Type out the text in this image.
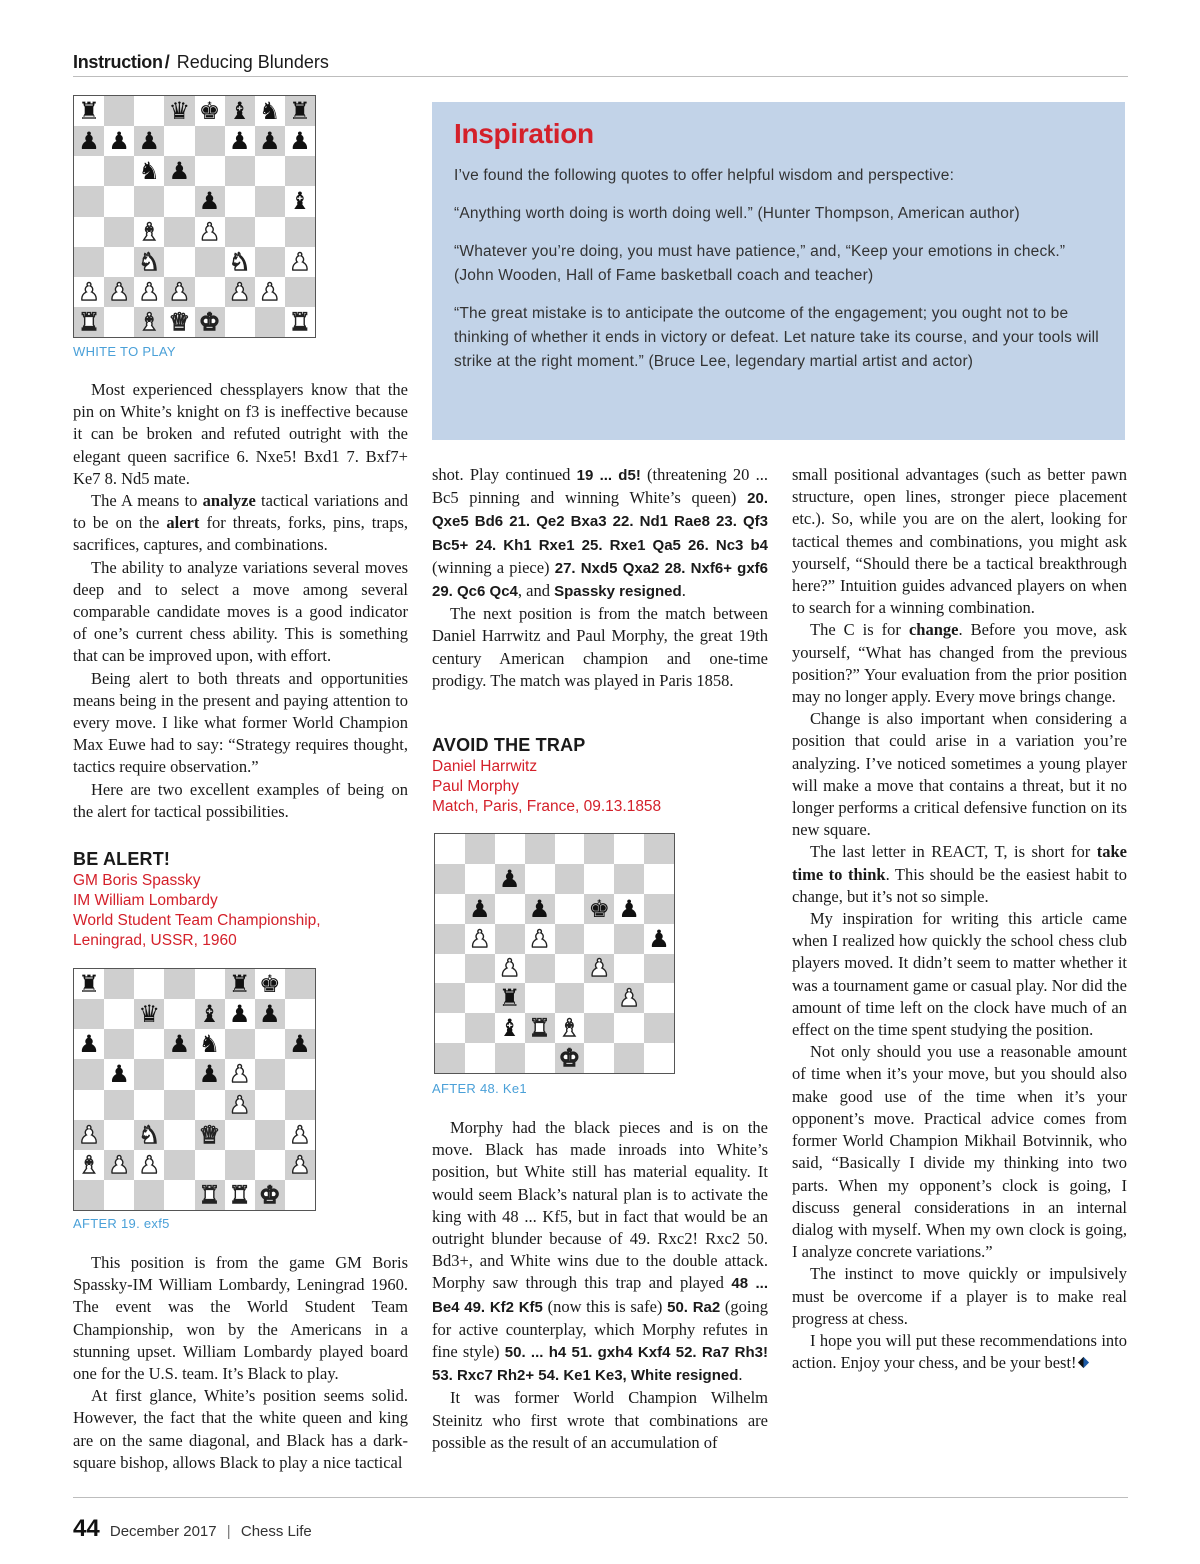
Instruction / Reducing Blunders
♜	♛ ♚ ♝ ♞ ♜
♟ ♟ ♟	♟ ♟ ♟
♞ ♟
♟	♝
♝ ♟
♞	♞ ♟
♟ ♟ ♟ ♟ ♟ ♟
♜ ♝ ♛ ♚	♜
WHITE TO PLAY

Most experienced chessplayers know that the pin on White’s knight on f3 is ineffective because it can be broken and refuted outright with the elegant queen sacrifice 6. Nxe5! Bxd1 7. Bxf7+ Ke7 8. Nd5 mate.

The A means to analyze tactical variations and to be on the alert for threats, forks, pins, traps, sacrifices, captures, and combinations.

The ability to analyze variations several moves deep and to select a move among several comparable candidate moves is a good indicator of one’s current chess ability. This is something that can be improved upon, with effort.

Being alert to both threats and opportunities means being in the present and paying attention to every move. I like what former World Champion Max Euwe had to say: “Strategy requires thought, tactics require observation.”

Here are two excellent examples of being on the alert for tactical possibilities.

BE ALERT!
GM Boris Spassky
IM William Lombardy
World Student Team Championship,
Leningrad, USSR, 1960
♜	♜ ♚
♛ ♝ ♟ ♟
♟	♟ ♞	♟
♟	♟ ♟
♟
♟ ♞ ♛	♟
♝ ♟ ♟	♟
♜ ♜ ♚
AFTER 19. exf5

This position is from the game GM Boris Spassky-IM William Lombardy, Leningrad 1960. The event was the World Student Team Championship, won by the Americans in a stunning upset. William Lombardy played board one for the U.S. team. It’s Black to play.

At first glance, White’s position seems solid. However, the fact that the white queen and king are on the same diagonal, and Black has a dark-square bishop, allows Black to play a nice tactical

Inspiration

I’ve found the following quotes to offer helpful wisdom and perspective:

“Anything worth doing is worth doing well.” (Hunter Thompson, American author)

“Whatever you’re doing, you must have patience,” and, “Keep your emotions in check.” (John Wooden, Hall of Fame basketball coach and teacher)

“The great mistake is to anticipate the outcome of the engagement; you ought not to be thinking of whether it ends in victory or defeat. Let nature take its course, and your tools will strike at the right moment.” (Bruce Lee, legendary martial artist and actor)

shot. Play continued 19 ... d5! (threatening 20 ... Bc5 pinning and winning White’s queen) 20. Qxe5 Bd6 21. Qe2 Bxa3 22. Nd1 Rae8 23. Qf3 Bc5+ 24. Kh1 Rxe1 25. Rxe1 Qa5 26. Nc3 b4 (winning a piece) 27. Nxd5 Qxa2 28. Nxf6+ gxf6 29. Qc6 Qc4, and Spassky resigned.

The next position is from the match between Daniel Harrwitz and Paul Morphy, the great 19th century American champion and one-time prodigy. The match was played in Paris 1858.

AVOID THE TRAP
Daniel Harrwitz
Paul Morphy
Match, Paris, France, 09.13.1858
♟
♟ ♟ ♚ ♟
♟ ♟	♟
♟	♟
♜	♟
♝ ♜ ♝
♚
AFTER 48. Ke1

Morphy had the black pieces and is on the move. Black has made inroads into White’s position, but White still has material equality. It would seem Black’s natural plan is to activate the king with 48 ... Kf5, but in fact that would be an outright blunder because of 49. Rxc2! Rxc2 50. Bd3+, and White wins due to the double attack. Morphy saw through this trap and played 48 ... Be4 49. Kf2 Kf5 (now this is safe) 50. Ra2 (going for active counterplay, which Morphy refutes in fine style) 50. ... h4 51. gxh4 Kxf4 52. Ra7 Rh3! 53. Rxc7 Rh2+ 54. Ke1 Ke3, White resigned.

It was former World Champion Wilhelm Steinitz who first wrote that combinations are possible as the result of an accumulation of

small positional advantages (such as better pawn structure, open lines, stronger piece placement etc.). So, while you are on the alert, looking for tactical themes and combinations, you might ask yourself, “Should there be a tactical breakthrough here?” Intuition guides advanced players on when to search for a winning combination.

The C is for change. Before you move, ask yourself, “What has changed from the previous position?” Your evaluation from the prior position may no longer apply. Every move brings change.

Change is also important when considering a position that could arise in a variation you’re analyzing. I’ve noticed sometimes a young player will make a move that contains a threat, but it no longer performs a critical defensive function on its new square.

The last letter in REACT, T, is short for take time to think. This should be the easiest habit to change, but it’s not so simple.

My inspiration for writing this article came when I realized how quickly the school chess club players moved. It didn’t seem to matter whether it was a tournament game or casual play. Nor did the amount of time left on the clock have much of an effect on the time spent studying the position.

Not only should you use a reasonable amount of time when it’s your move, but you should also make good use of the time when it’s your opponent’s move. Practical advice comes from former World Champion Mikhail Botvinnik, who said, “Basically I divide my thinking into two parts. When my opponent’s clock is going, I discuss general considerations in an internal dialog with myself. When my own clock is going, I analyze concrete variations.”

The instinct to move quickly or impulsively must be overcome if a player is to make real progress at chess.

I hope you will put these recommendations into action. Enjoy your chess, and be your best!

44 December 2017 | Chess Life
